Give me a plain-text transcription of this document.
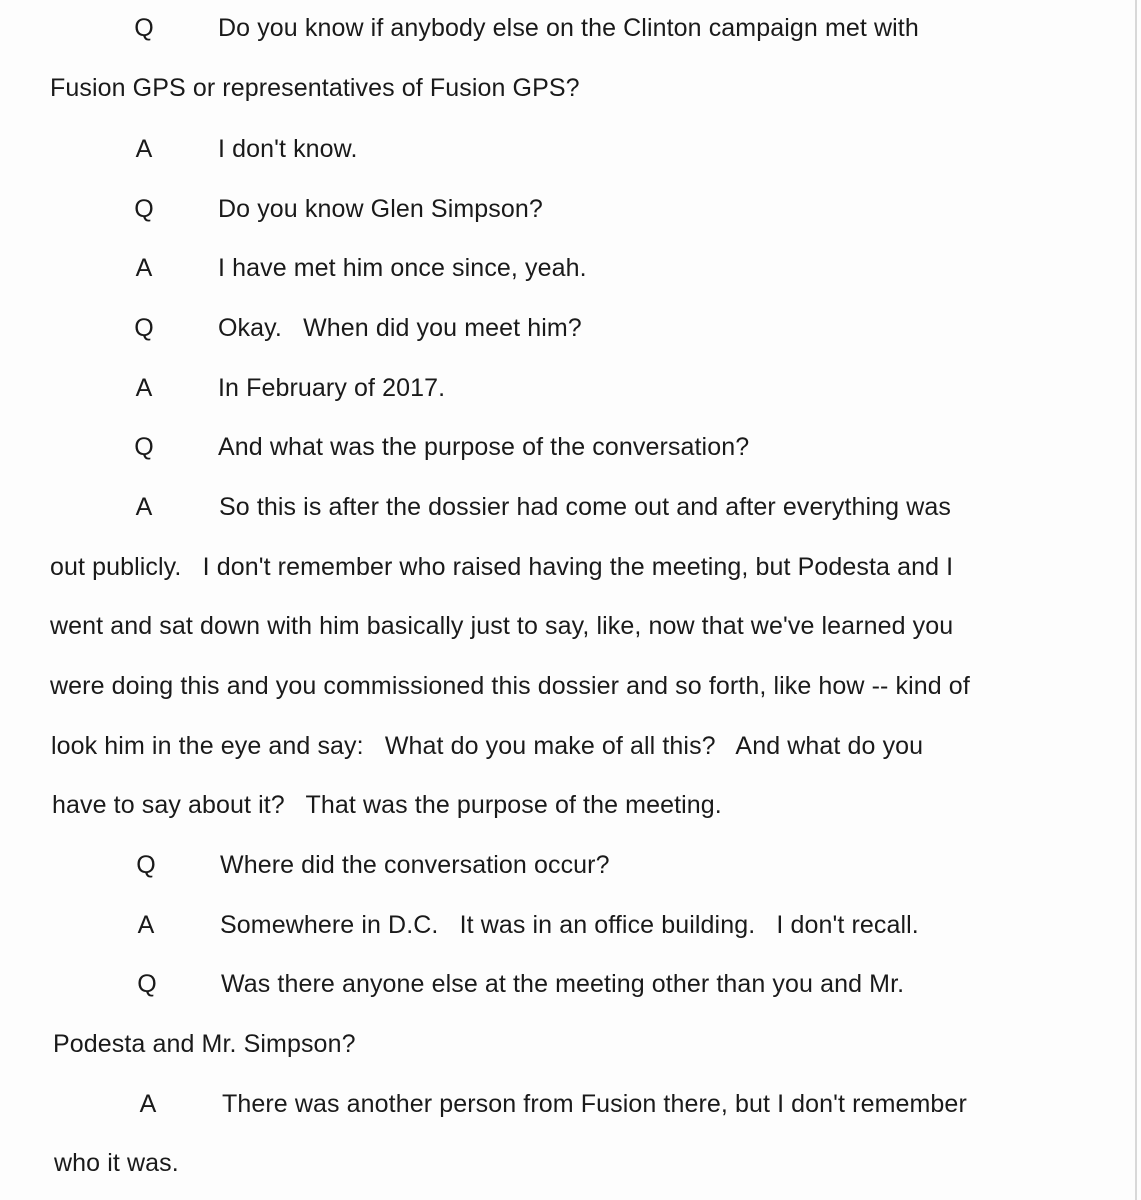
Q	Do you know if anybody else on the Clinton campaign met with
Fusion GPS or representatives of Fusion GPS?
A	I don't know.
Q	Do you know Glen Simpson?
A	I have met him once since, yeah.
Q	Okay.   When did you meet him?
A	In February of 2017.
Q	And what was the purpose of the conversation?
A	So this is after the dossier had come out and after everything was
out publicly.   I don't remember who raised having the meeting, but Podesta and I
went and sat down with him basically just to say, like, now that we've learned you
were doing this and you commissioned this dossier and so forth, like how -- kind of
look him in the eye and say:   What do you make of all this?   And what do you
have to say about it?   That was the purpose of the meeting.
Q	Where did the conversation occur?
A	Somewhere in D.C.   It was in an office building.   I don't recall.
Q	Was there anyone else at the meeting other than you and Mr.
Podesta and Mr. Simpson?
A	There was another person from Fusion there, but I don't remember
who it was.
